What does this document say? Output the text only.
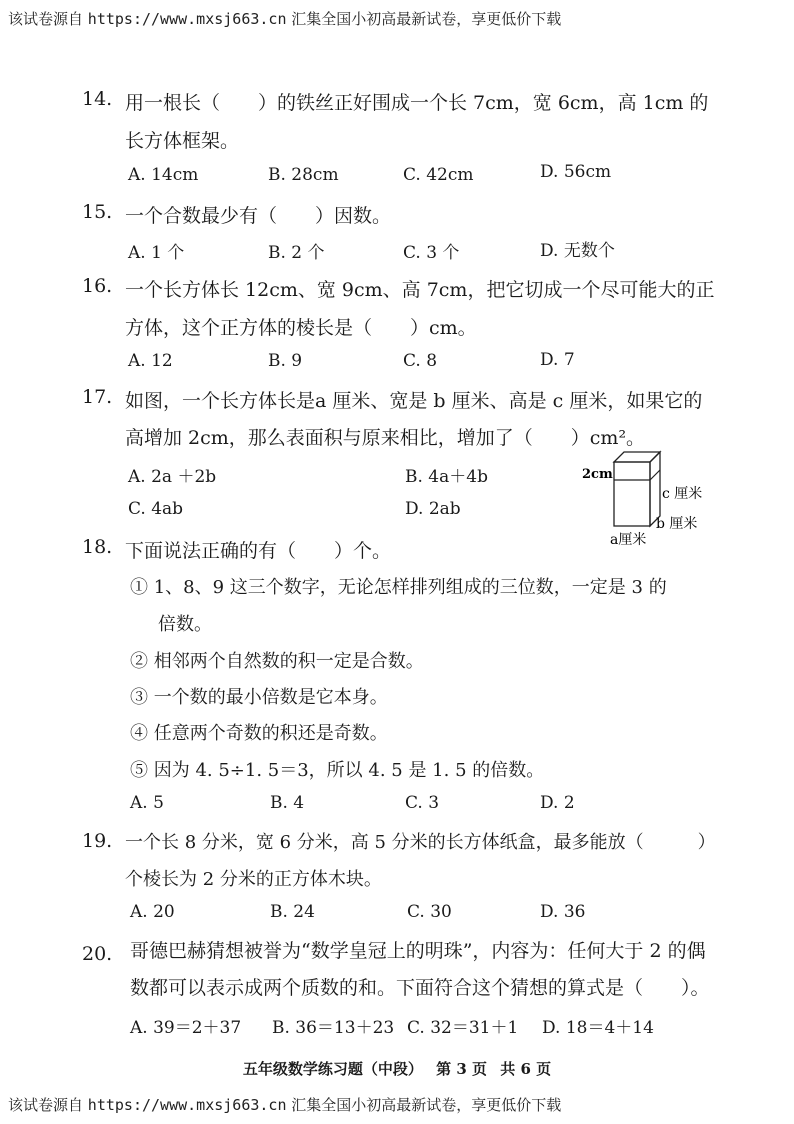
该试卷源自 https://www.mxsj663.cn 汇集全国小初高最新试卷，享更低价下载
14. 用一根长（　　）的铁丝正好围成一个长 7cm，宽 6cm，高 1cm 的
长方体框架。
A. 14cm	B. 28cm	C. 42cm	D. 56cm
15. 一个合数最少有（　　）因数。
A. 1 个	B. 2 个	C. 3 个	D. 无数个
16. 一个长方体长 12cm、宽 9cm、高 7cm，把它切成一个尽可能大的正
方体，这个正方体的棱长是（　　）cm。
A. 12	B. 9	C. 8	D. 7
17. 如图，一个长方体长是a 厘米、宽是 b 厘米、高是 c 厘米，如果它的
高增加 2cm，那么表面积与原来相比，增加了（　　）cm²。
A. 2a ＋2b	B. 4a＋4b
C. 4ab	D. 2ab
2cm
c 厘米
b 厘米
a厘米
18. 下面说法正确的有（　　）个。
① 1、8、9 这三个数字，无论怎样排列组成的三位数，一定是 3 的
倍数。
② 相邻两个自然数的积一定是合数。
③ 一个数的最小倍数是它本身。
④ 任意两个奇数的积还是奇数。
⑤ 因为 4. 5÷1. 5＝3，所以 4. 5 是 1. 5 的倍数。
A. 5	B. 4	C. 3	D. 2
19. 一个长 8 分米，宽 6 分米，高 5 分米的长方体纸盒，最多能放（　　　）
个棱长为 2 分米的正方体木块。
A. 20	B. 24	C. 30	D. 36
20. 哥德巴赫猜想被誉为“数学皇冠上的明珠”，内容为：任何大于 2 的偶
数都可以表示成两个质数的和。下面符合这个猜想的算式是（　　）。
A. 39＝2＋37 B. 36＝13＋23 C. 32＝31＋1 D. 18＝4＋14
五年级数学练习题（中段） 第 3 页 共 6 页
该试卷源自 https://www.mxsj663.cn 汇集全国小初高最新试卷，享更低价下载
